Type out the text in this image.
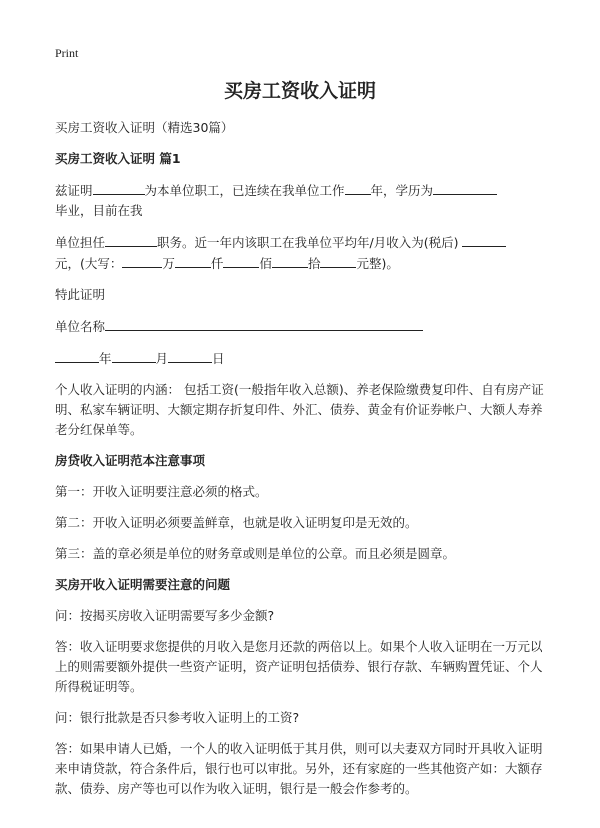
Print
买房工资收入证明
买房工资收入证明（精选30篇）
买房工资收入证明 篇1
兹证明	为本单位职工，已连续在我单位工作 年，学历为
毕业，目前在我
单位担任	职务。近一年内该职工在我单位平均年/月收入为(税后)
元，(大写：	万	仟	佰	拾	元整)。
特此证明
单位名称
年	月	日
个人收入证明的内涵： 包括工资(一般指年收入总额)、养老保险缴费复印件、自有房产证明、私家车辆证明、大额定期存折复印件、外汇、债券、黄金有价证券帐户、大额人寿养老分红保单等。
房贷收入证明范本注意事项
第一：开收入证明要注意必须的格式。
第二：开收入证明必须要盖鲜章，也就是收入证明复印是无效的。
第三：盖的章必须是单位的财务章或则是单位的公章。而且必须是圆章。
买房开收入证明需要注意的问题
问：按揭买房收入证明需要写多少金额?
答：收入证明要求您提供的月收入是您月还款的两倍以上。如果个人收入证明在一万元以上的则需要额外提供一些资产证明，资产证明包括债券、银行存款、车辆购置凭证、个人所得税证明等。
问：银行批款是否只参考收入证明上的工资?
答：如果申请人已婚，一个人的收入证明低于其月供，则可以夫妻双方同时开具收入证明来申请贷款，符合条件后，银行也可以审批。另外，还有家庭的一些其他资产如：大额存款、债券、房产等也可以作为收入证明，银行是一般会作参考的。
